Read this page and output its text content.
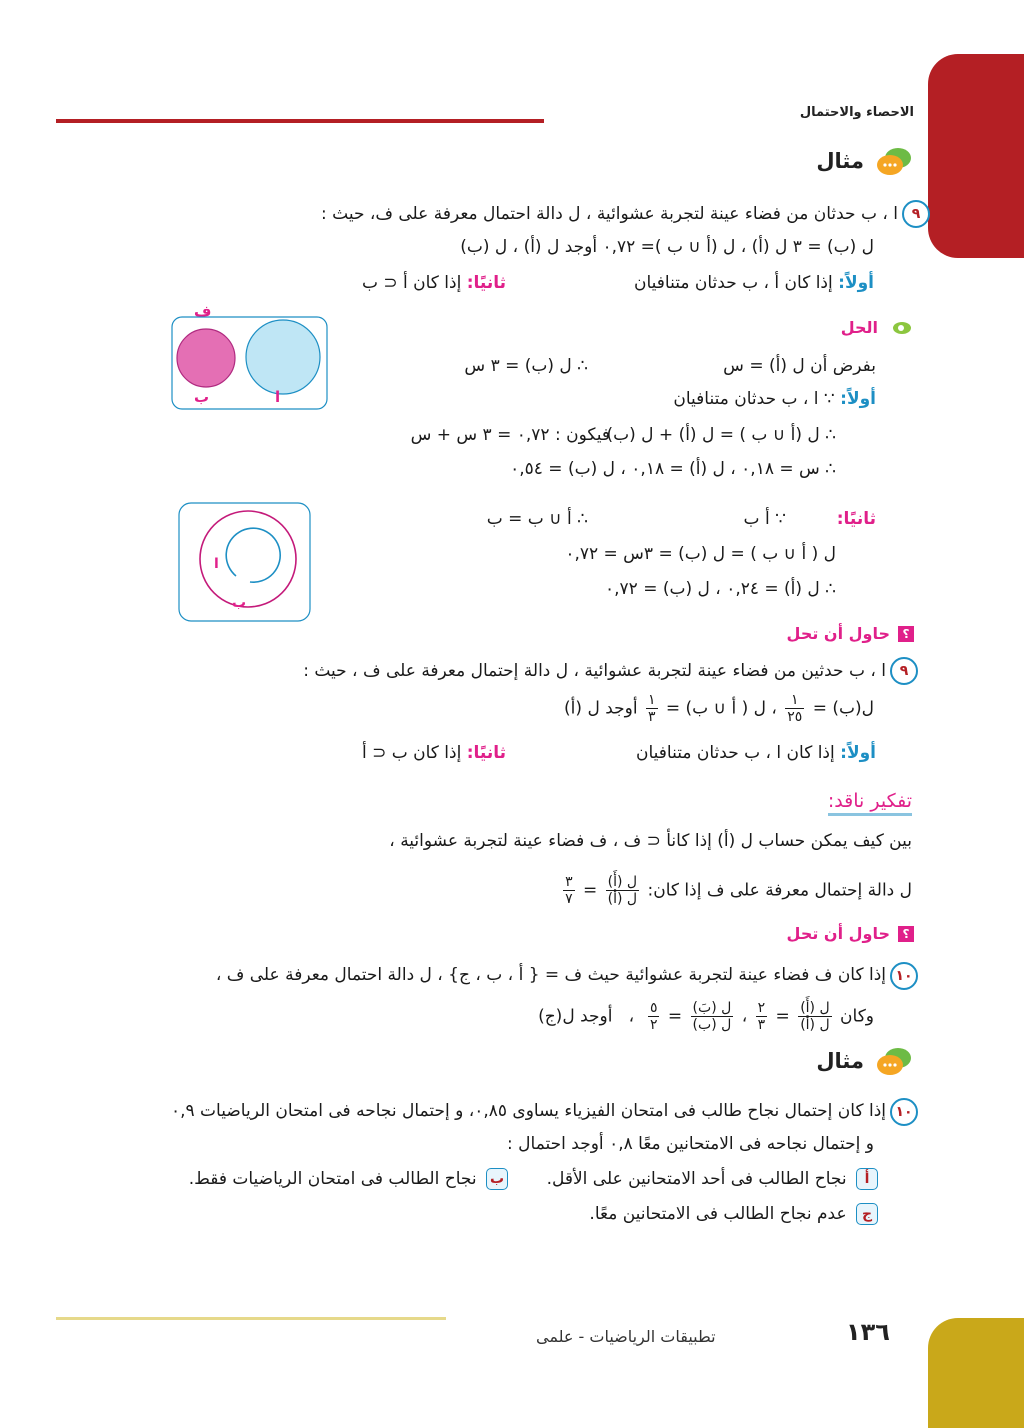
الاحصاء والاحتمال
مثال
٩
ا ، ب حدثان من فضاء عينة لتجربة عشوائية ، ل دالة احتمال معرفة على ف، حيث :
ل (ب) = ٣ ل (أ) ، ل (أ ∪ ب )= ٠,٧٢ أوجد ل (أ) ، ل (ب)
أولاً: إذا كان أ ، ب حدثان متنافيان
ثانيًا: إذا كان أ ⊂ ب
ف
ا
ب
الحل
بفرض أن ل (أ) = س
∴ ل (ب) = ٣ س
أولاً: ∵ ا ، ب حدثان متنافيان
∴ ل (أ ∪ ب ) = ل (أ) + ل (ب)
فيكون : ٠,٧٢ = ٣ س + س
∴ س = ٠,١٨ ، ل (أ) = ٠,١٨ ، ل (ب) = ٠,٥٤
ثانيًا:  ∵ أ ب
∴ أ ∪ ب = ب
ل ( أ ∪ ب ) = ل (ب) = ٣س = ٠,٧٢
∴ ل (أ) = ٠,٢٤ ، ل (ب) = ٠,٧٢
ا
ب
؟
حاول أن تحل
٩
ا ، ب حدثين من فضاء عينة لتجربة عشوائية ، ل دالة إحتمال معرفة على ف ، حيث :
ل(ب) =
$\frac{١}{٢٥}$
، ل ( أ ∪ ب) =
$\frac{١}{٣}$
أوجد ل (أ)
أولاً: إذا كان ا ، ب حدثان متنافيان
ثانيًا: إذا كان ب ⊂ أ
تفكير ناقد:
بين كيف يمكن حساب ل (أ) إذا كانأ ⊂ ف ، ف فضاء عينة لتجربة عشوائية ،
ل دالة إحتمال معرفة على ف إذا كان:
$\frac{\text{ل (أَ)}}{\text{ل (أ)}}$
=
$\frac{٣}{٧}$
؟
حاول أن تحل
١٠
إذا كان ف فضاء عينة لتجربة عشوائية حيث ف = { أ ، ب ، ج} ، ل دالة احتمال معرفة على ف ،
وكان
$\frac{\text{ل (أَ)}}{\text{ل (أ)}}$
=
$\frac{٢}{٣}$
،
$\frac{\text{ل (بَ)}}{\text{ل (ب)}}$
=
$\frac{٥}{٢}$
،   أوجد ل(ج)
مثال
١٠
إذا كان إحتمال نجاح طالب فى امتحان الفيزياء يساوى ٠,٨٥، و إحتمال نجاحه فى امتحان الرياضيات ٠,٩
و إحتمال نجاحه فى الامتحانين معًا ٠,٨ أوجد احتمال :
أ نجاح الطالب فى أحد الامتحانين على الأقل.
ب نجاح الطالب فى امتحان الرياضيات فقط.
ج عدم نجاح الطالب فى الامتحانين معًا.
١٣٦
تطبيقات الرياضيات - علمى
